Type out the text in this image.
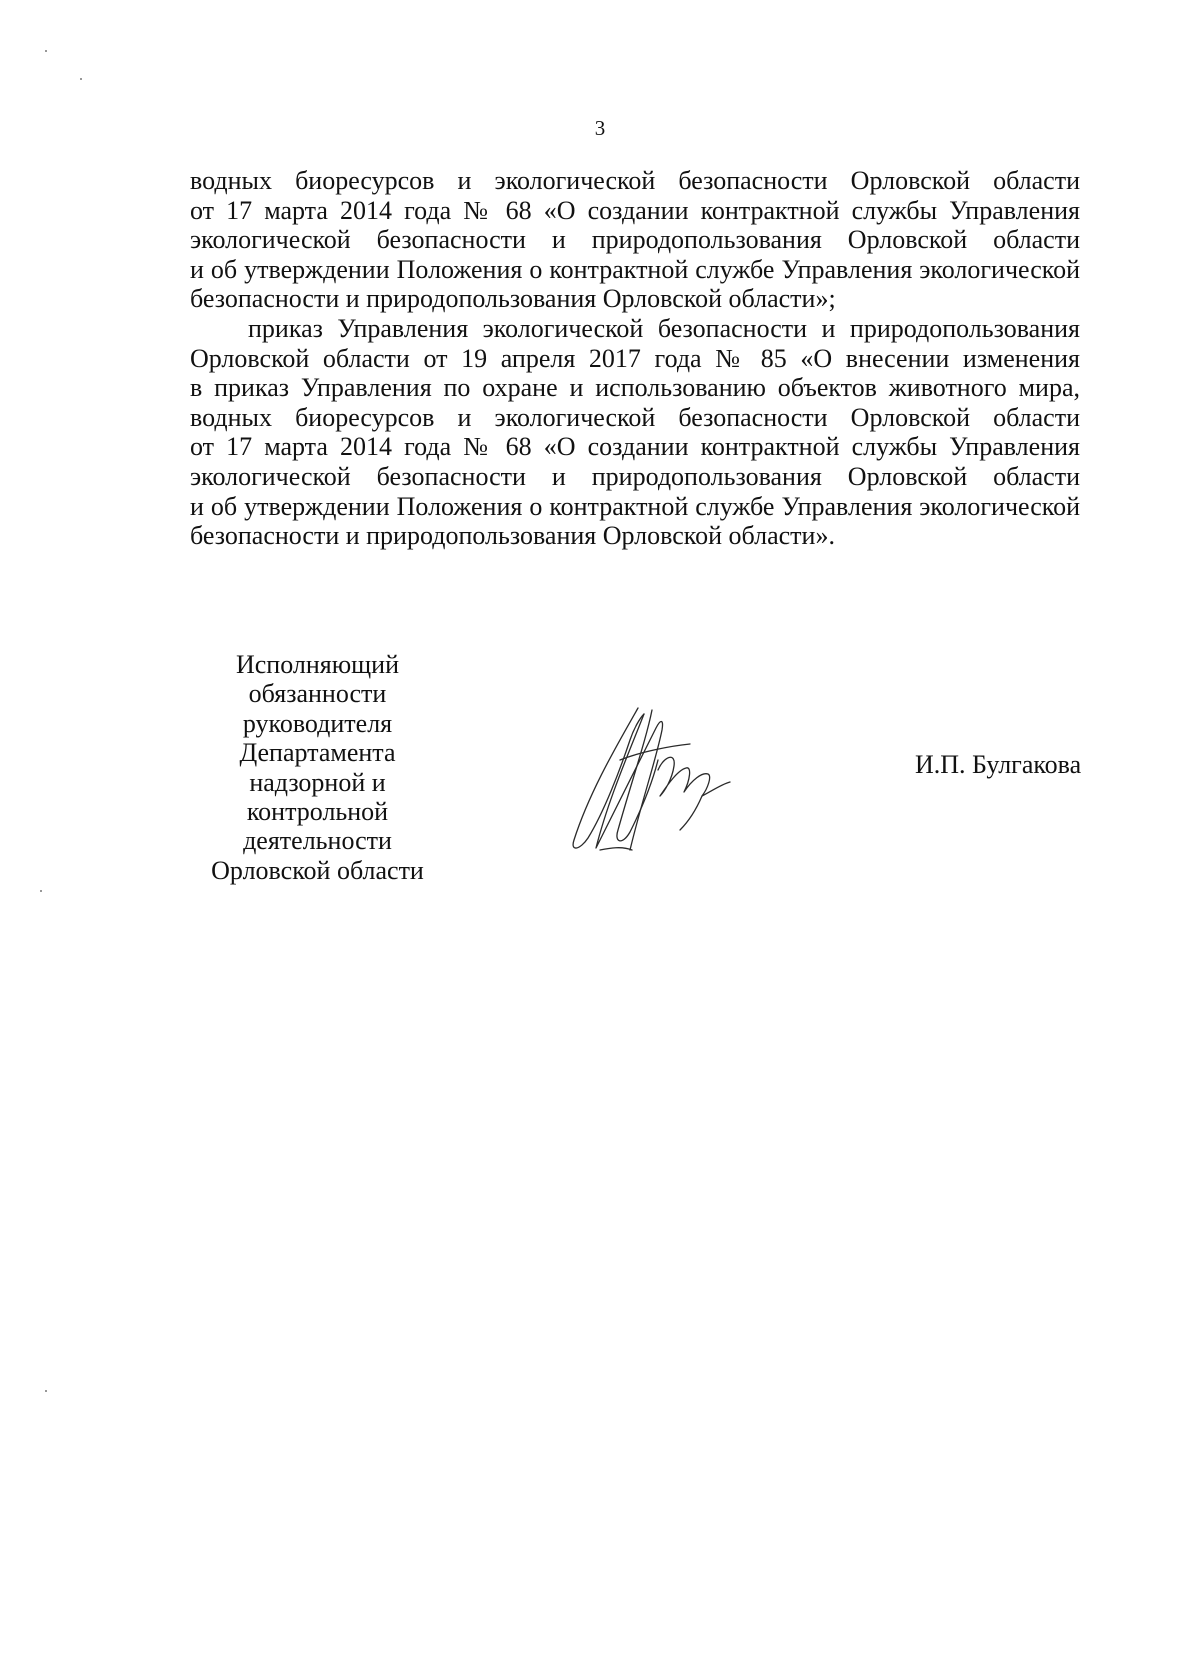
3
водных биоресурсов и экологической безопасности Орловской области
от 17 марта 2014 года № 68 «О создании контрактной службы Управления
экологической безопасности и природопользования Орловской области
и об утверждении Положения о контрактной службе Управления экологической
безопасности и природопользования Орловской области»;
приказ Управления экологической безопасности и природопользования
Орловской области от 19 апреля 2017 года № 85 «О внесении изменения
в приказ Управления по охране и использованию объектов животного мира,
водных биоресурсов и экологической безопасности Орловской области
от 17 марта 2014 года № 68 «О создании контрактной службы Управления
экологической безопасности и природопользования Орловской области
и об утверждении Положения о контрактной службе Управления экологической
безопасности и природопользования Орловской области».
Исполняющий
обязанности
руководителя
Департамента
надзорной и
контрольной
деятельности
Орловской области
И.П. Булгакова
